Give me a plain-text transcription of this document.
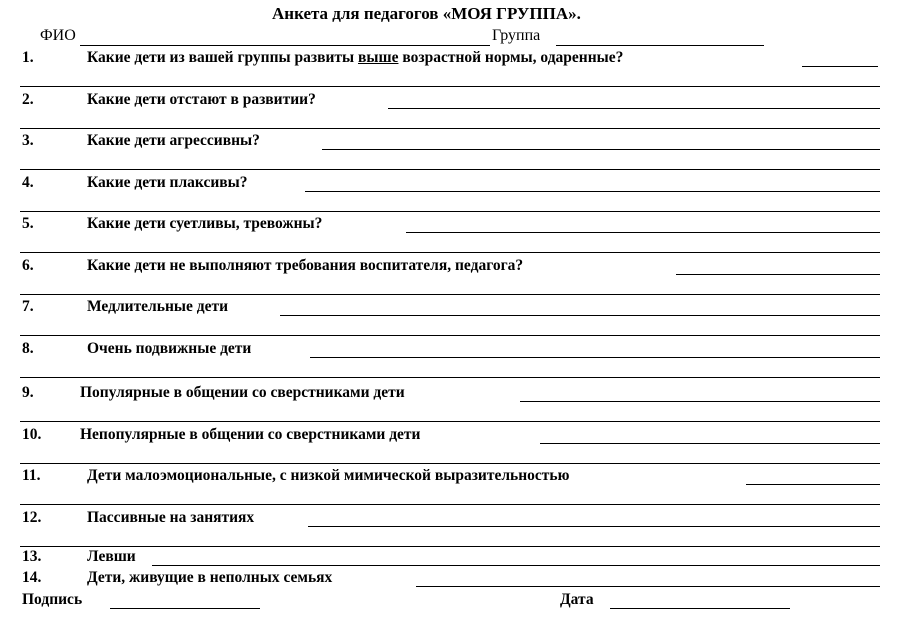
Анкета для педагогов «МОЯ ГРУППА».
ФИО	Группа
1.	Какие дети из вашей группы развиты выше возрастной нормы, одаренные?
2.	Какие дети отстают в развитии?
3.	Какие дети агрессивны?
4.	Какие дети плаксивы?
5.	Какие дети суетливы, тревожны?
6.	Какие дети не выполняют требования воспитателя, педагога?
7.	Медлительные дети
8.	Очень подвижные дети
9.	Популярные в общении со сверстниками дети
10. Непопулярные в общении со сверстниками дети
11.	Дети малоэмоциональные, с низкой мимической выразительностью
12.	Пассивные на занятиях
13.	Левши
14.	Дети, живущие в неполных семьях
Подпись	Дата
